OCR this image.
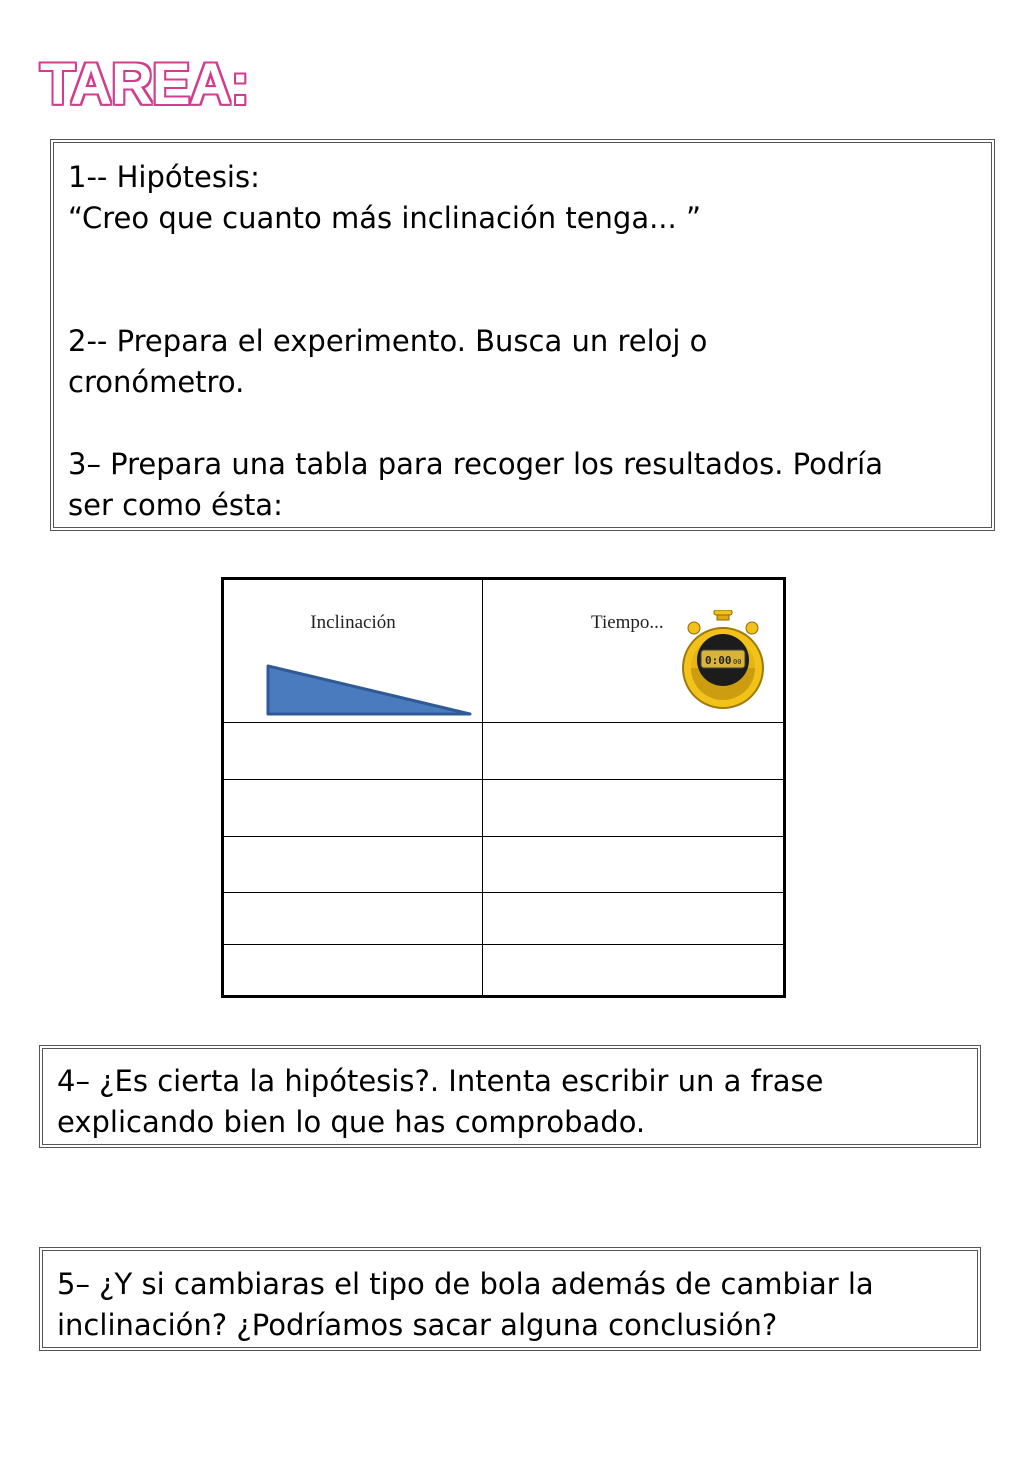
TAREA:

1-- Hipótesis:

“Creo que cuanto más inclinación tenga... ”

2-- Prepara el experimento. Busca un reloj o

cronómetro.

3– Prepara una tabla para recoger los resultados. Podría

ser como ésta:

Inclinación	Tiempo...
0:00 00

4– ¿Es cierta la hipótesis?. Intenta escribir un a frase

explicando bien lo que has comprobado.

5– ¿Y si cambiaras el tipo de bola además de cambiar la

inclinación? ¿Podríamos sacar alguna conclusión?
